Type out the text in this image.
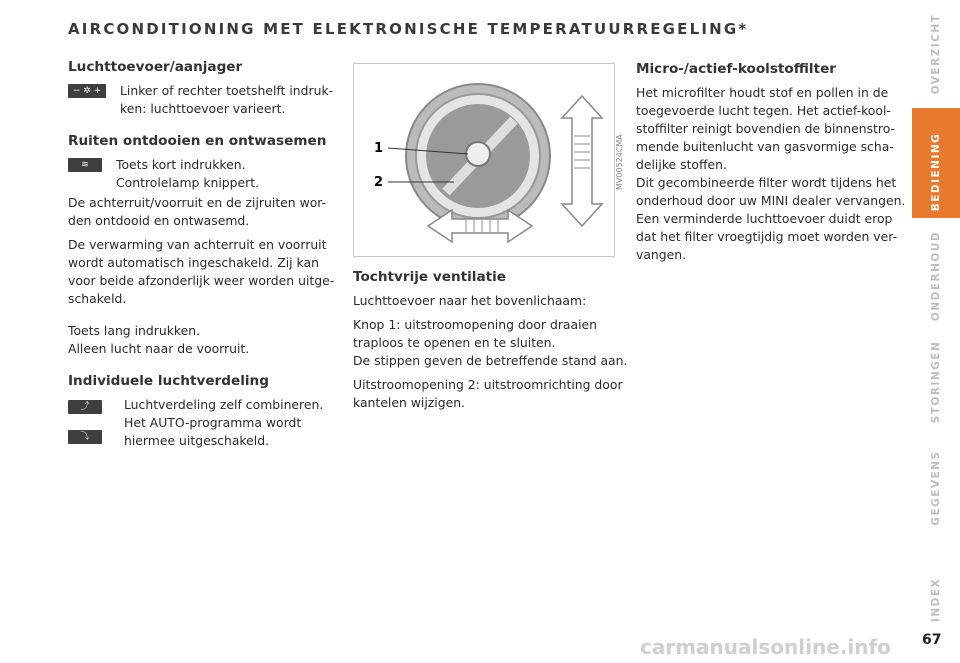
AIRCONDITIONING MET ELEKTRONISCHE TEMPERATUURREGELING*
Luchttoevoer/aanjager
− ✲ +	Linker of rechter toetshelft indruk-ken: luchttoevoer varieert.
Ruiten ontdooien en ontwasemen
≋	Toets kort indrukken.
Controlelamp knippert.

De achterruit/voorruit en de zijruiten wor-den ontdooid en ontwasemd.

De verwarming van achterruit en voorruit wordt automatisch ingeschakeld. Zij kan voor beide afzonderlijk weer worden uitge-schakeld.

Toets lang indrukken.
Alleen lucht naar de voorruit.

Individuele luchtverdeling
⤴
⤵
Luchtverdeling zelf combineren.
Het AUTO-programma wordt
hiermee uitgeschakeld.
1
2	MV00524CMA
Tochtvrije ventilatie

Luchttoevoer naar het bovenlichaam:

Knop 1: uitstroomopening door draaien
traploos te openen en te sluiten.
De stippen geven de betreffende stand aan.

Uitstroomopening 2: uitstroomrichting door kantelen wijzigen.

Micro-/actief-koolstoffilter

Het microfilter houdt stof en pollen in de toegevoerde lucht tegen. Het actief-kool-stoffilter reinigt bovendien de binnenstro-mende buitenlucht van gasvormige scha-delijke stoffen.

Dit gecombineerde filter wordt tijdens het onderhoud door uw MINI dealer vervangen. Een verminderde luchttoevoer duidt erop dat het filter vroegtijdig moet worden ver-vangen.

OVERZICHT
BEDIENING
ONDERHOUD
STORINGEN
GEGEVENS
INDEX
carmanualsonline.info 67
